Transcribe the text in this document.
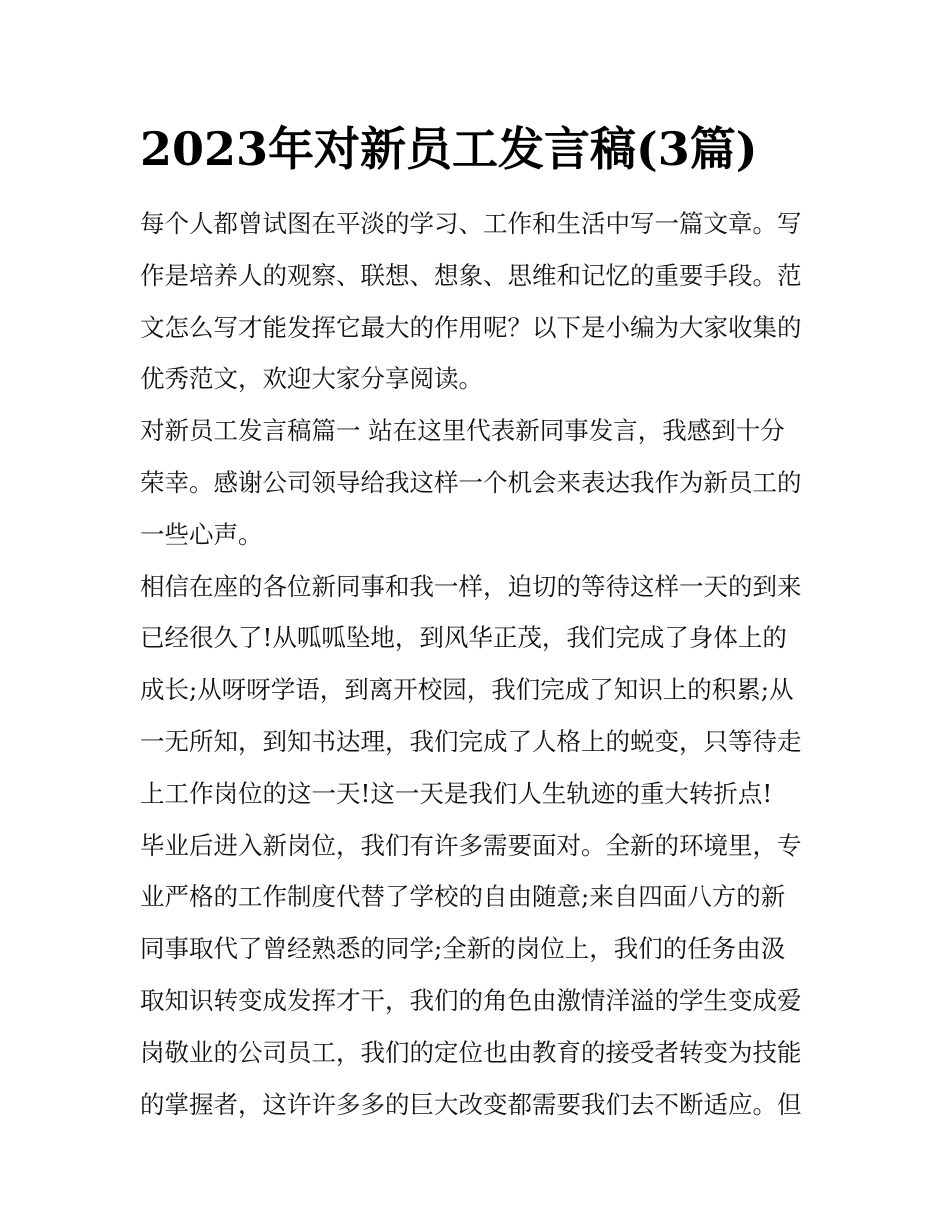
2023年对新员工发言稿(3篇)
每个人都曾试图在平淡的学习、工作和生活中写一篇文章。写
作是培养人的观察、联想、想象、思维和记忆的重要手段。范
文怎么写才能发挥它最大的作用呢？以下是小编为大家收集的
优秀范文，欢迎大家分享阅读。
对新员工发言稿篇一 站在这里代表新同事发言，我感到十分
荣幸。感谢公司领导给我这样一个机会来表达我作为新员工的
一些心声。
相信在座的各位新同事和我一样，迫切的等待这样一天的到来
已经很久了!从呱呱坠地，到风华正茂，我们完成了身体上的
成长;从呀呀学语，到离开校园，我们完成了知识上的积累;从
一无所知，到知书达理，我们完成了人格上的蜕变，只等待走
上工作岗位的这一天!这一天是我们人生轨迹的重大转折点!
毕业后进入新岗位，我们有许多需要面对。全新的环境里，专
业严格的工作制度代替了学校的自由随意;来自四面八方的新
同事取代了曾经熟悉的同学;全新的岗位上，我们的任务由汲
取知识转变成发挥才干，我们的角色由激情洋溢的学生变成爱
岗敬业的公司员工，我们的定位也由教育的接受者转变为技能
的掌握者，这许许多多的巨大改变都需要我们去不断适应。但
